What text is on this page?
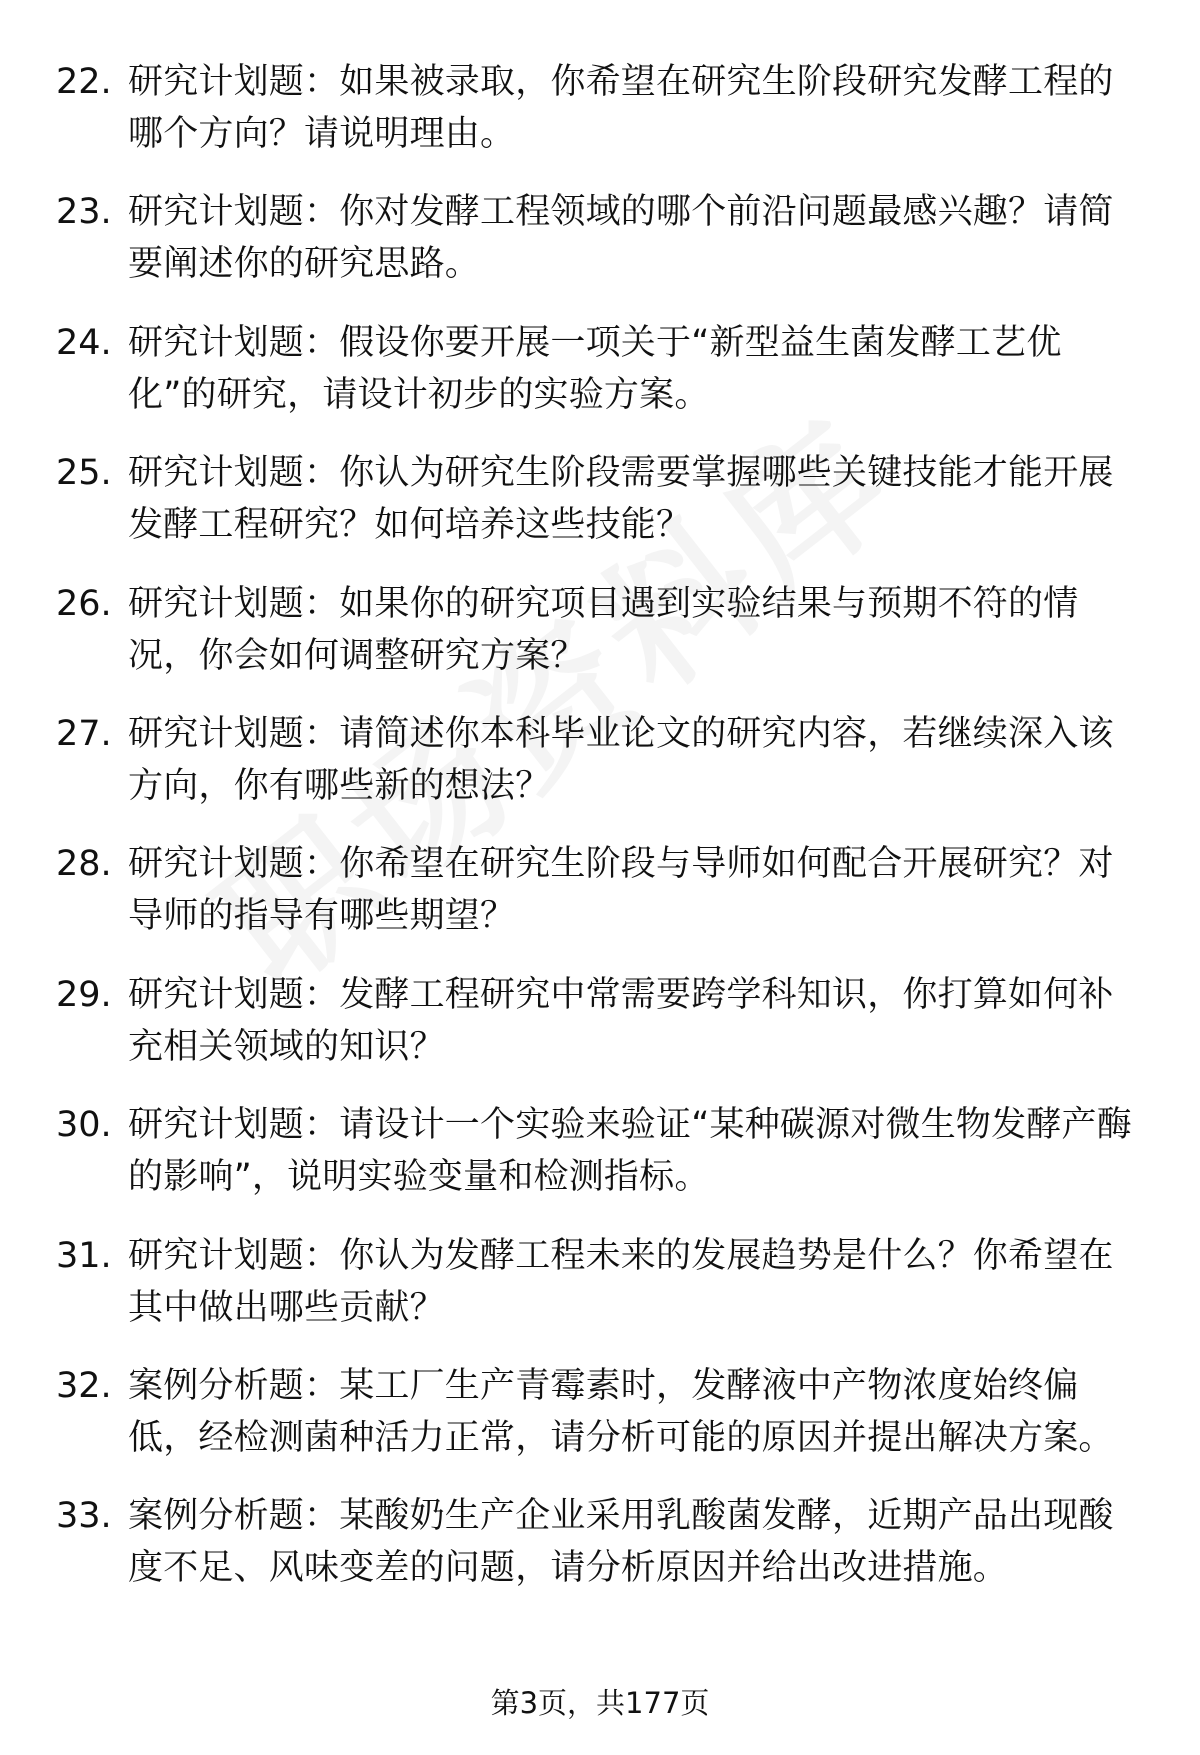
22. 研究计划题：如果被录取，你希望在研究生阶段研究发酵工程的哪个方向？请说明理由。
23. 研究计划题：你对发酵工程领域的哪个前沿问题最感兴趣？请简要阐述你的研究思路。
24. 研究计划题：假设你要开展一项关于“新型益生菌发酵工艺优化”的研究，请设计初步的实验方案。
25. 研究计划题：你认为研究生阶段需要掌握哪些关键技能才能开展发酵工程研究？如何培养这些技能？
26. 研究计划题：如果你的研究项目遇到实验结果与预期不符的情况，你会如何调整研究方案？
27. 研究计划题：请简述你本科毕业论文的研究内容，若继续深入该方向，你有哪些新的想法？
28. 研究计划题：你希望在研究生阶段与导师如何配合开展研究？对导师的指导有哪些期望？
29. 研究计划题：发酵工程研究中常需要跨学科知识，你打算如何补充相关领域的知识？
30. 研究计划题：请设计一个实验来验证“某种碳源对微生物发酵产酶的影响”，说明实验变量和检测指标。
31. 研究计划题：你认为发酵工程未来的发展趋势是什么？你希望在其中做出哪些贡献？
32. 案例分析题：某工厂生产青霉素时，发酵液中产物浓度始终偏低，经检测菌种活力正常，请分析可能的原因并提出解决方案。
33. 案例分析题：某酸奶生产企业采用乳酸菌发酵，近期产品出现酸度不足、风味变差的问题，请分析原因并给出改进措施。
第3页，共177页
